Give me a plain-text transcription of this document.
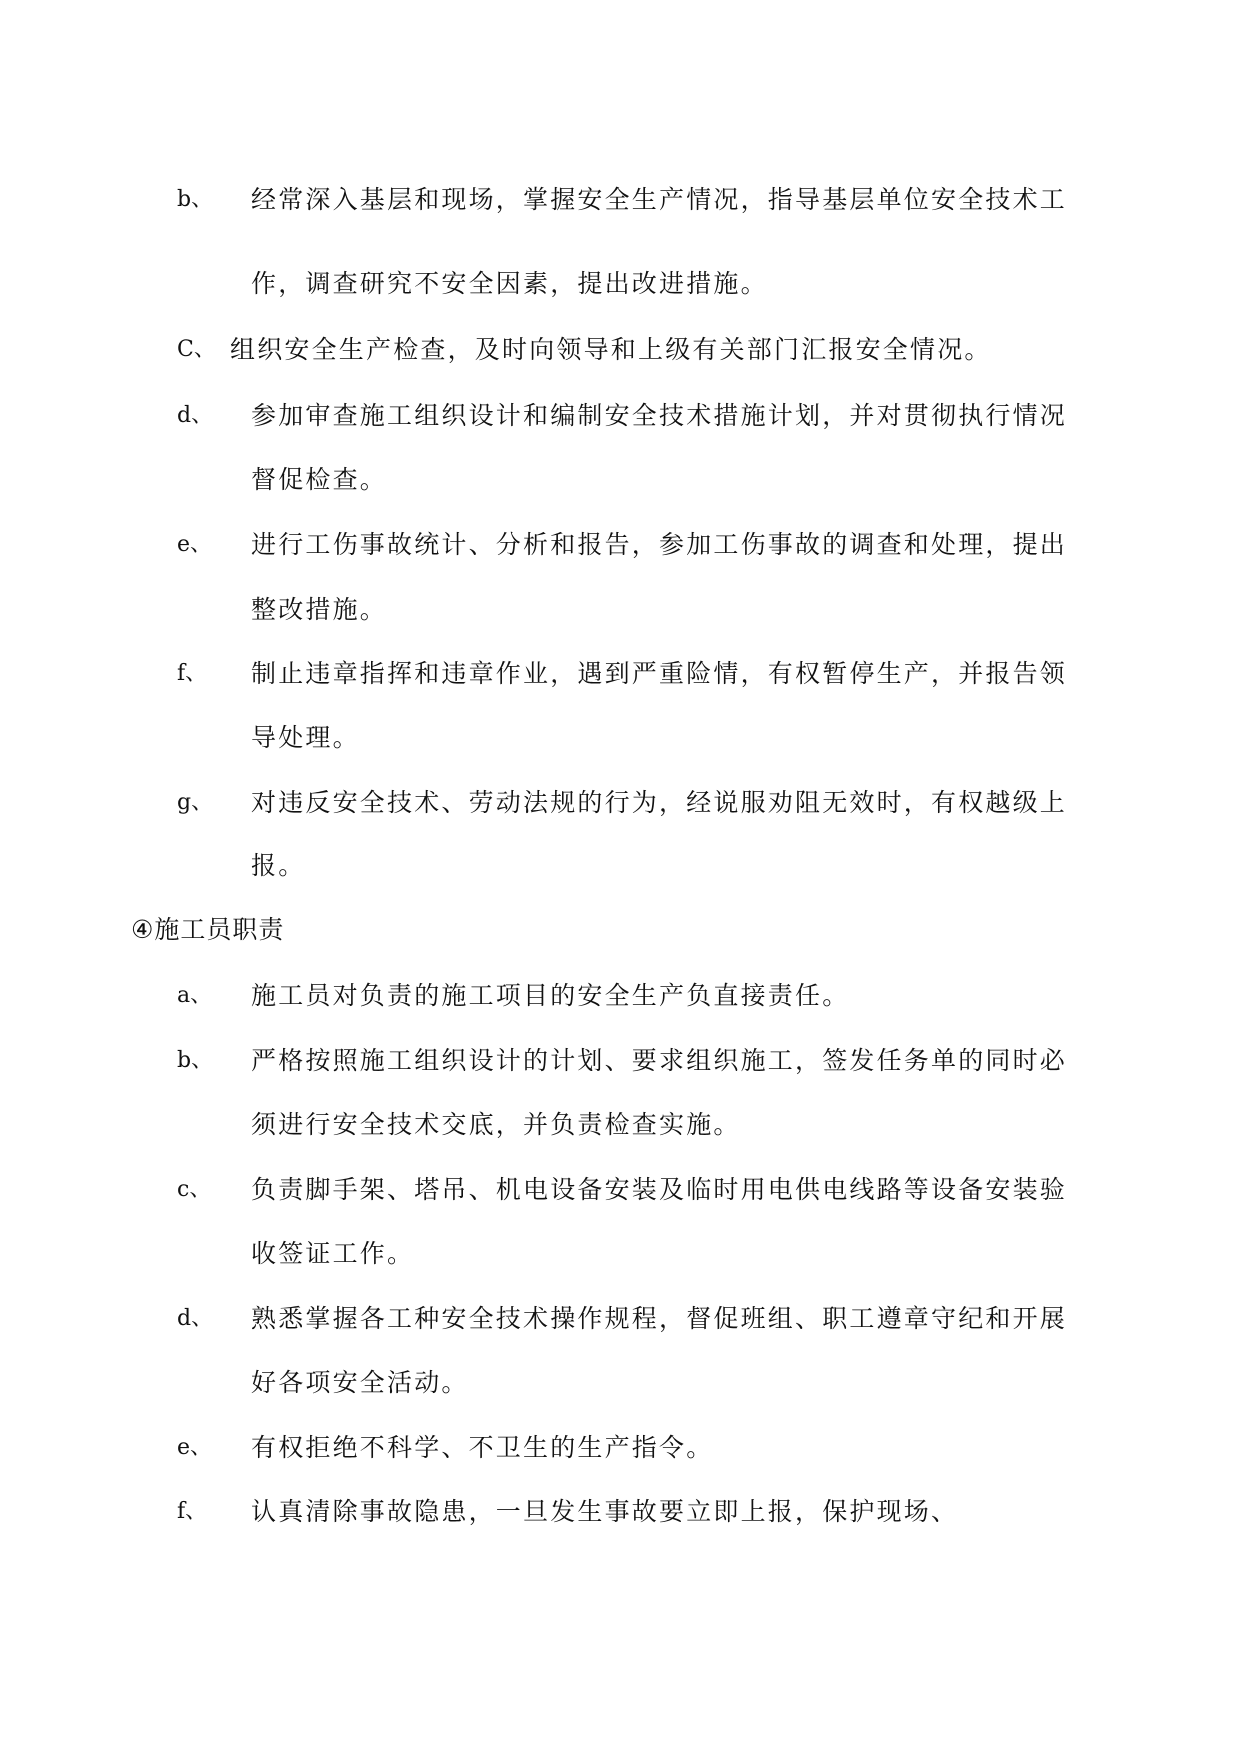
b、 经常深入基层和现场，掌握安全生产情况，指导基层单位安全技术工

作，调查研究不安全因素，提出改进措施。

C、 组织安全生产检查，及时向领导和上级有关部门汇报安全情况。

d、 参加审查施工组织设计和编制安全技术措施计划，并对贯彻执行情况

督促检查。

e、 进行工伤事故统计、分析和报告，参加工伤事故的调查和处理，提出

整改措施。

f、 制止违章指挥和违章作业，遇到严重险情，有权暂停生产，并报告领

导处理。

g、 对违反安全技术、劳动法规的行为，经说服劝阻无效时，有权越级上

报。

④施工员职责

a、 施工员对负责的施工项目的安全生产负直接责任。

b、 严格按照施工组织设计的计划、要求组织施工，签发任务单的同时必

须进行安全技术交底，并负责检查实施。

c、 负责脚手架、塔吊、机电设备安装及临时用电供电线路等设备安装验

收签证工作。

d、 熟悉掌握各工种安全技术操作规程，督促班组、职工遵章守纪和开展

好各项安全活动。

e、 有权拒绝不科学、不卫生的生产指令。

f、 认真清除事故隐患，一旦发生事故要立即上报，保护现场、
